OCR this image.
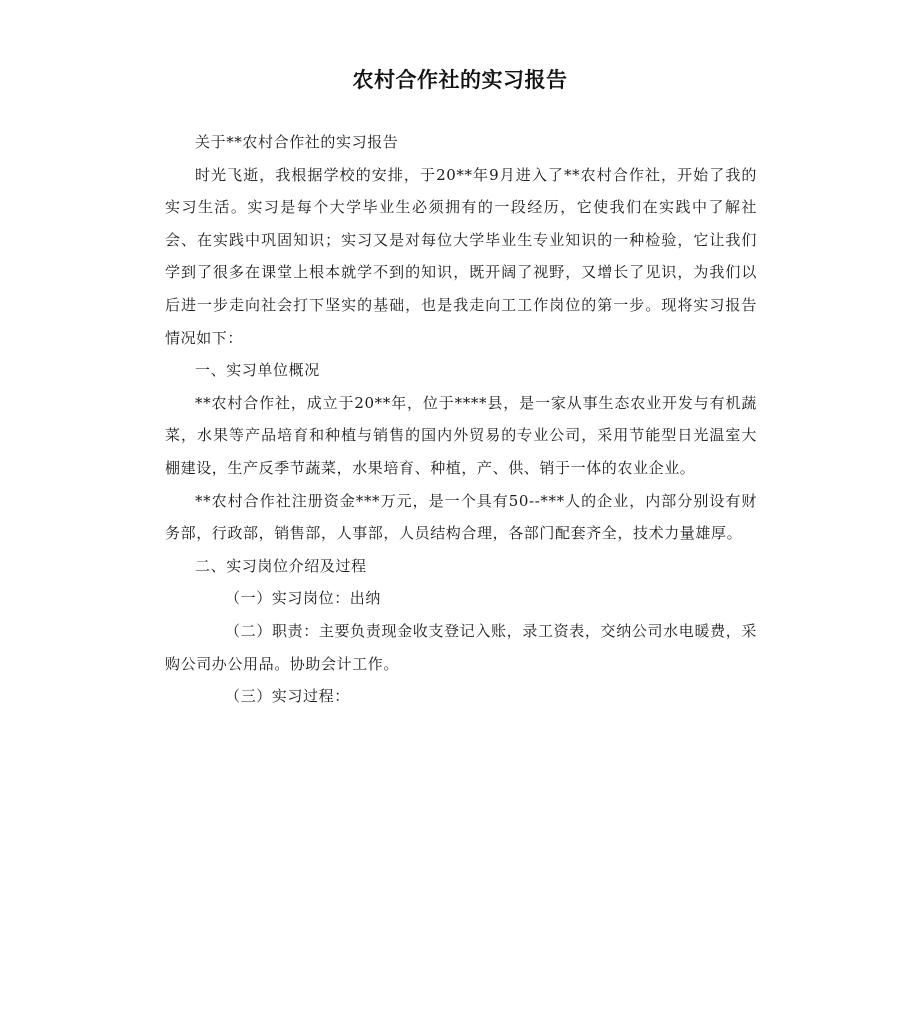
农村合作社的实习报告

关于**农村合作社的实习报告

时光飞逝，我根据学校的安排，于20**年9月进入了**农村合作社，开始了我的实习生活。实习是每个大学毕业生必须拥有的一段经历，它使我们在实践中了解社会、在实践中巩固知识；实习又是对每位大学毕业生专业知识的一种检验，它让我们学到了很多在课堂上根本就学不到的知识，既开阔了视野，又增长了见识，为我们以后进一步走向社会打下坚实的基础，也是我走向工工作岗位的第一步。现将实习报告情况如下：

一、实习单位概况

**农村合作社，成立于20**年，位于****县，是一家从事生态农业开发与有机蔬菜，水果等产品培育和种植与销售的国内外贸易的专业公司，采用节能型日光温室大棚建设，生产反季节蔬菜，水果培育、种植，产、供、销于一体的农业企业。

**农村合作社注册资金***万元，是一个具有50--***人的企业，内部分别设有财务部，行政部，销售部，人事部，人员结构合理，各部门配套齐全，技术力量雄厚。

二、实习岗位介绍及过程

（一）实习岗位：出纳

（二）职责：主要负责现金收支登记入账，录工资表，交纳公司水电暖费，采购公司办公用品。协助会计工作。

（三）实习过程：
